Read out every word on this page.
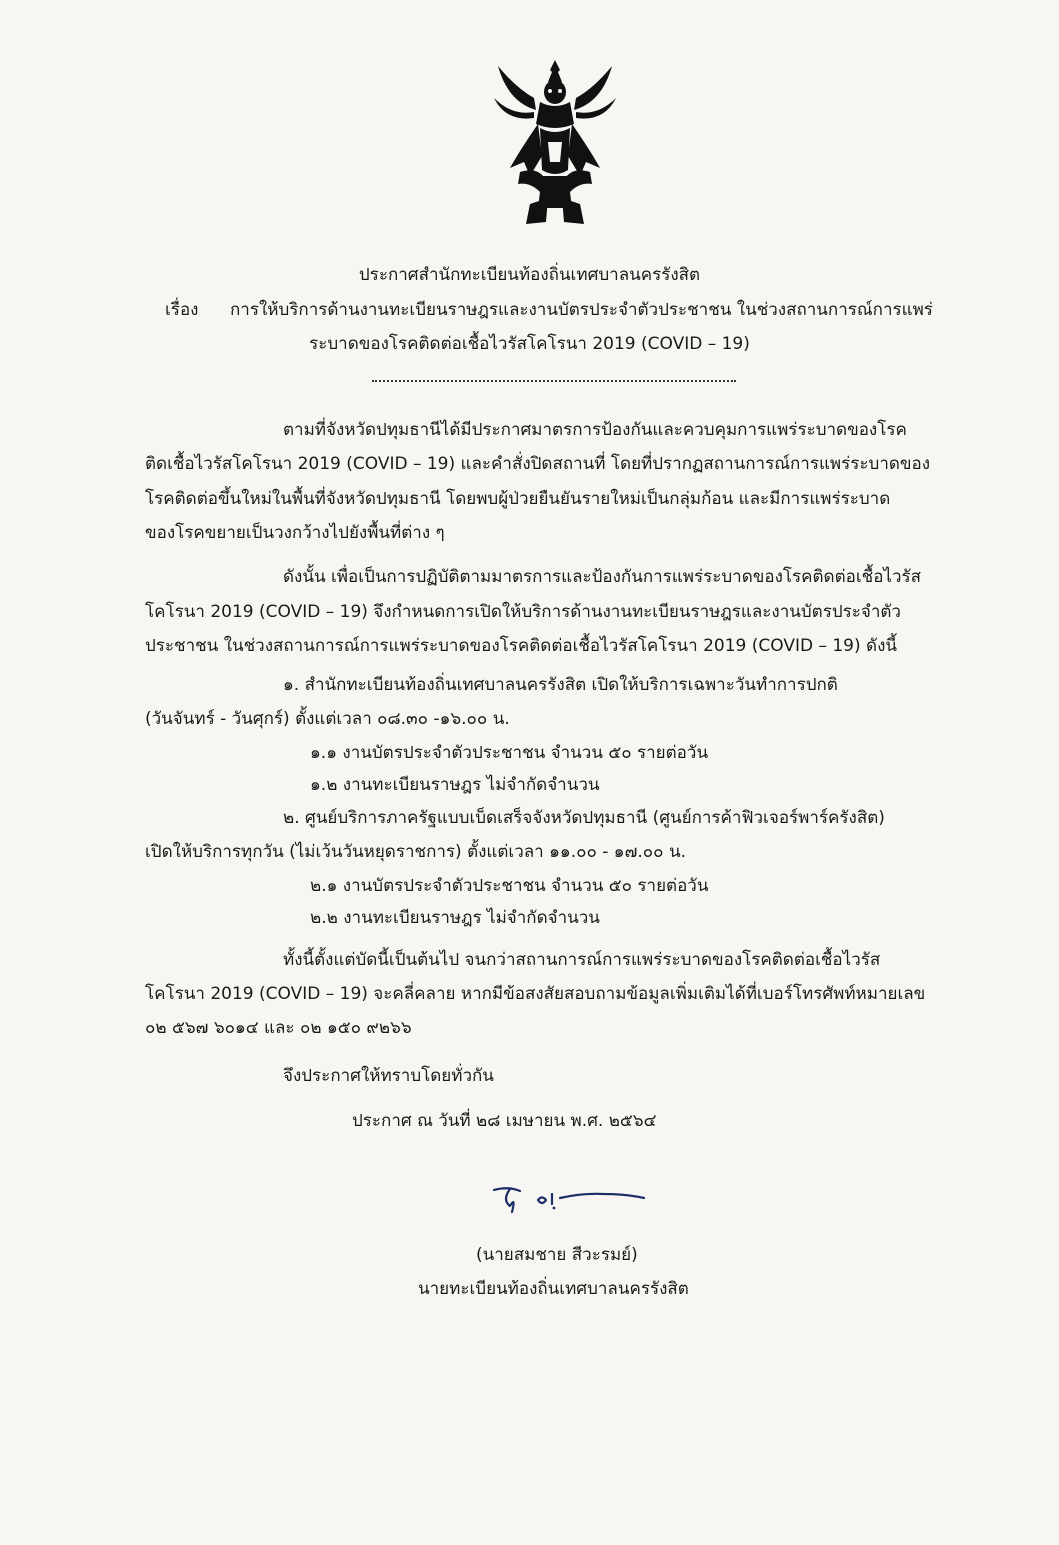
ประกาศสำนักทะเบียนท้องถิ่นเทศบาลนครรังสิต
เรื่อง การให้บริการด้านงานทะเบียนราษฎรและงานบัตรประจำตัวประชาชน ในช่วงสถานการณ์การแพร่
ระบาดของโรคติดต่อเชื้อไวรัสโคโรนา 2019 (COVID – 19)
ตามที่จังหวัดปทุมธานีได้มีประกาศมาตรการป้องกันและควบคุมการแพร่ระบาดของโรค
ติดเชื้อไวรัสโคโรนา 2019 (COVID – 19) และคำสั่งปิดสถานที่ โดยที่ปรากฏสถานการณ์การแพร่ระบาดของ
โรคติดต่อขึ้นใหม่ในพื้นที่จังหวัดปทุมธานี โดยพบผู้ป่วยยืนยันรายใหม่เป็นกลุ่มก้อน และมีการแพร่ระบาด
ของโรคขยายเป็นวงกว้างไปยังพื้นที่ต่าง ๆ
ดังนั้น เพื่อเป็นการปฏิบัติตามมาตรการและป้องกันการแพร่ระบาดของโรคติดต่อเชื้อไวรัส
โคโรนา 2019 (COVID – 19) จึงกำหนดการเปิดให้บริการด้านงานทะเบียนราษฎรและงานบัตรประจำตัว
ประชาชน ในช่วงสถานการณ์การแพร่ระบาดของโรคติดต่อเชื้อไวรัสโคโรนา 2019 (COVID – 19) ดังนี้
๑. สำนักทะเบียนท้องถิ่นเทศบาลนครรังสิต เปิดให้บริการเฉพาะวันทำการปกติ
(วันจันทร์ - วันศุกร์) ตั้งแต่เวลา ๐๘.๓๐ -๑๖.๐๐ น.
๑.๑ งานบัตรประจำตัวประชาชน จำนวน ๕๐ รายต่อวัน
๑.๒ งานทะเบียนราษฎร ไม่จำกัดจำนวน
๒. ศูนย์บริการภาครัฐแบบเบ็ดเสร็จจังหวัดปทุมธานี (ศูนย์การค้าฟิวเจอร์พาร์ครังสิต)
เปิดให้บริการทุกวัน (ไม่เว้นวันหยุดราชการ) ตั้งแต่เวลา ๑๑.๐๐ - ๑๗.๐๐ น.
๒.๑ งานบัตรประจำตัวประชาชน จำนวน ๕๐ รายต่อวัน
๒.๒ งานทะเบียนราษฎร ไม่จำกัดจำนวน
ทั้งนี้ตั้งแต่บัดนี้เป็นต้นไป จนกว่าสถานการณ์การแพร่ระบาดของโรคติดต่อเชื้อไวรัส
โคโรนา 2019 (COVID – 19) จะคลี่คลาย หากมีข้อสงสัยสอบถามข้อมูลเพิ่มเติมได้ที่เบอร์โทรศัพท์หมายเลข
๐๒ ๕๖๗ ๖๐๑๔ และ ๐๒ ๑๕๐ ๙๒๖๖
จึงประกาศให้ทราบโดยทั่วกัน
ประกาศ ณ วันที่ ๒๘ เมษายน พ.ศ. ๒๕๖๔
(นายสมชาย สีวะรมย์)
นายทะเบียนท้องถิ่นเทศบาลนครรังสิต
